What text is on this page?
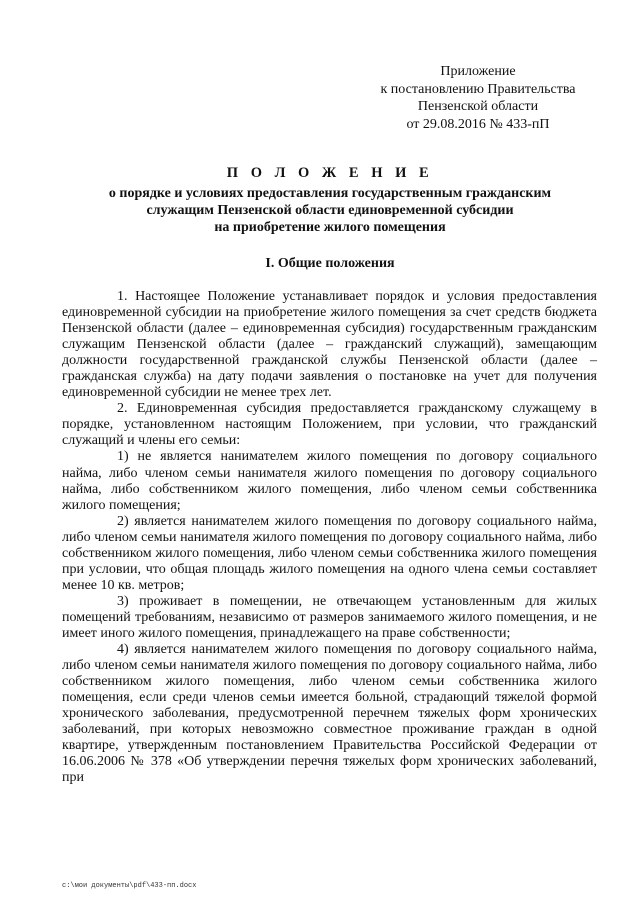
Приложение
к постановлению Правительства
Пензенской области
от 29.08.2016 № 433-пП
П О Л О Ж Е Н И Е
о порядке и условиях предоставления государственным гражданским
служащим Пензенской области единовременной субсидии
на приобретение жилого помещения
I. Общие положения

1. Настоящее Положение устанавливает порядок и условия предоставления единовременной субсидии на приобретение жилого помещения за счет средств бюджета Пензенской области (далее – единовременная субсидия) государственным гражданским служащим Пензенской области (далее – гражданский служащий), замещающим должности государственной гражданской службы Пензенской области (далее – гражданская служба) на дату подачи заявления о постановке на учет для получения единовременной субсидии не менее трех лет.

2. Единовременная субсидия предоставляется гражданскому служащему в порядке, установленном настоящим Положением, при условии, что гражданский служащий и члены его семьи:

1) не является нанимателем жилого помещения по договору социального найма, либо членом семьи нанимателя жилого помещения по договору социального найма, либо собственником жилого помещения, либо членом семьи собственника жилого помещения;

2) является нанимателем жилого помещения по договору социального найма, либо членом семьи нанимателя жилого помещения по договору социального найма, либо собственником жилого помещения, либо членом семьи собственника жилого помещения при условии, что общая площадь жилого помещения на одного члена семьи составляет менее 10 кв. метров;

3) проживает в помещении, не отвечающем установленным для жилых помещений требованиям, независимо от размеров занимаемого жилого помещения, и не имеет иного жилого помещения, принадлежащего на праве собственности;

4) является нанимателем жилого помещения по договору социального найма, либо членом семьи нанимателя жилого помещения по договору социального найма, либо собственником жилого помещения, либо членом семьи собственника жилого помещения, если среди членов семьи имеется больной, страдающий тяжелой формой хронического заболевания, предусмотренной перечнем тяжелых форм хронических заболеваний, при которых невозможно совместное проживание граждан в одной квартире, утвержденным постановлением Правительства Российской Федерации от 16.06.2006 № 378 «Об утверждении перечня тяжелых форм хронических заболеваний, при

c:\мои документы\pdf\433-пп.docx
